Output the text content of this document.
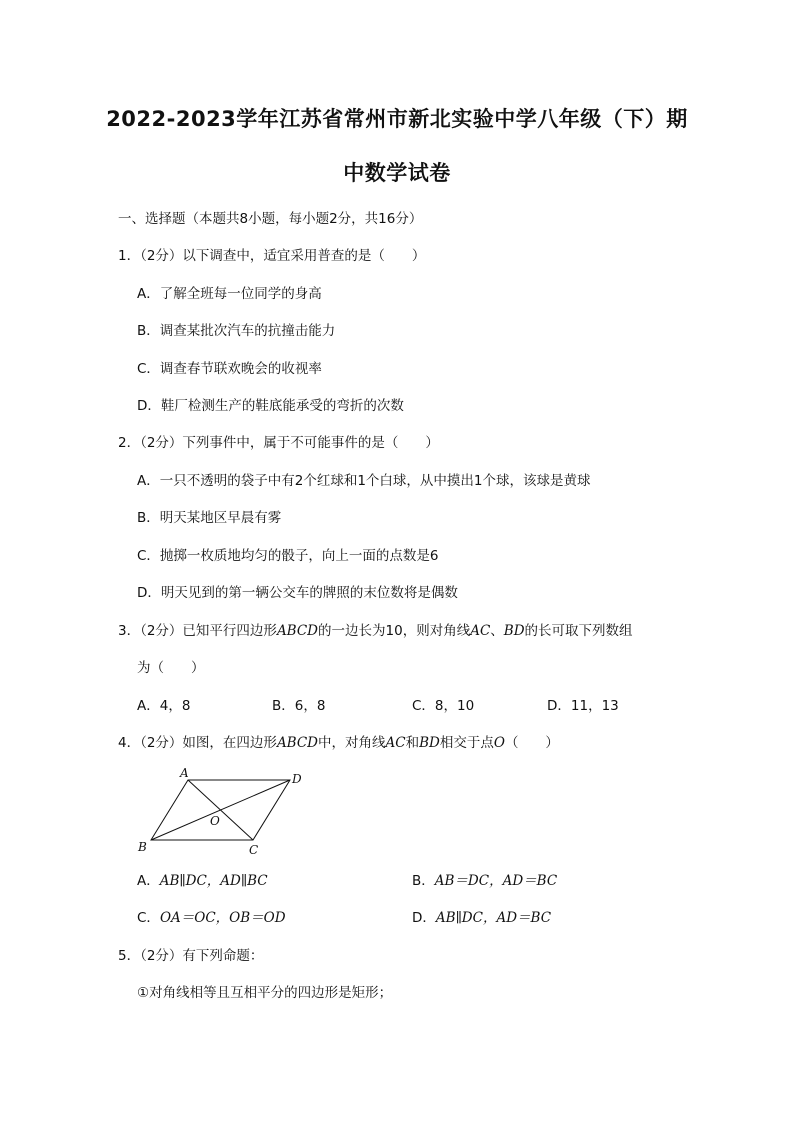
2022-2023学年江苏省常州市新北实验中学八年级（下）期
中数学试卷
一、选择题（本题共8小题，每小题2分，共16分）
1．（2分）以下调查中，适宜采用普查的是（　　）
A．了解全班每一位同学的身高
B．调查某批次汽车的抗撞击能力
C．调查春节联欢晚会的收视率
D．鞋厂检测生产的鞋底能承受的弯折的次数
2．（2分）下列事件中，属于不可能事件的是（　　）
A．一只不透明的袋子中有2个红球和1个白球，从中摸出1个球，该球是黄球
B．明天某地区早晨有雾
C．抛掷一枚质地均匀的骰子，向上一面的点数是6
D．明天见到的第一辆公交车的牌照的末位数将是偶数
3．（2分）已知平行四边形ABCD的一边长为10，则对角线AC、BD的长可取下列数组
为（　　）
A．4，8	B．6，8	C．8，10	D．11，13
4．（2分）如图，在四边形ABCD中，对角线AC和BD相交于点O（　　）
A	D
B	C
O
A．AB∥DC，AD∥BC	B．AB＝DC，AD＝BC
C．OA＝OC，OB＝OD	D．AB∥DC，AD＝BC
5．（2分）有下列命题：
①对角线相等且互相平分的四边形是矩形；
